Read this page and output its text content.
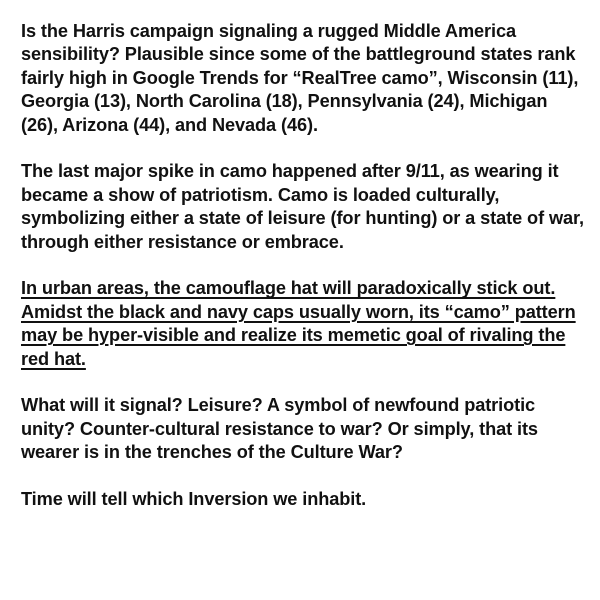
Is the Harris campaign signaling a rugged Middle America sensibility? Plausible since some of the battleground states rank fairly high in Google Trends for “RealTree camo”, Wisconsin (11), Georgia (13), North Carolina (18), Pennsylvania (24), Michigan (26), Arizona (44), and Nevada (46).

The last major spike in camo happened after 9/11, as wearing it became a show of patriotism. Camo is loaded culturally, symbolizing either a state of leisure (for hunting) or a state of war, through either resistance or embrace.

In urban areas, the camouflage hat will paradoxically stick out. Amidst the black and navy caps usually worn, its “camo” pattern may be hyper-visible and realize its memetic goal of rivaling the red hat.

What will it signal? Leisure? A symbol of newfound patriotic unity? Counter-cultural resistance to war? Or simply, that its wearer is in the trenches of the Culture War?

Time will tell which Inversion we inhabit.
